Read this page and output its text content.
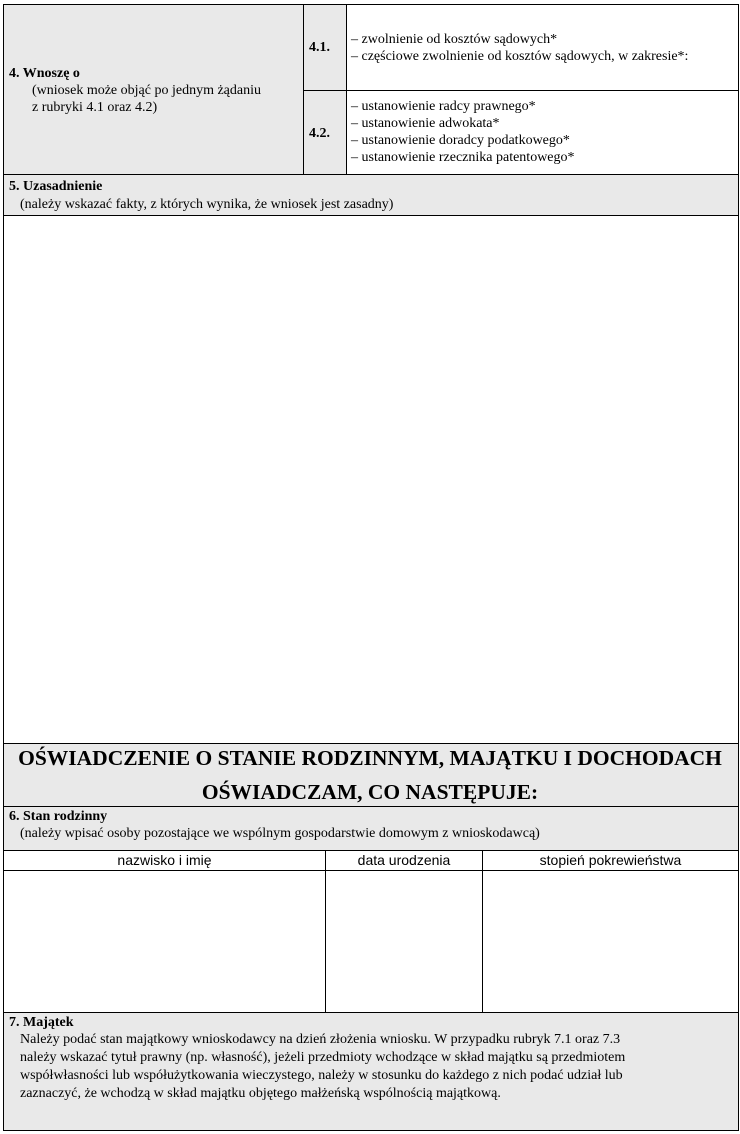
4. Wnoszę o
(wniosek może objąć po jednym żądaniu
z rubryki 4.1 oraz 4.2)
4.1.
– zwolnienie od kosztów sądowych*
– częściowe zwolnienie od kosztów sądowych, w zakresie*:
4.2.
– ustanowienie radcy prawnego*
– ustanowienie adwokata*
– ustanowienie doradcy podatkowego*
– ustanowienie rzecznika patentowego*
5. Uzasadnienie
(należy wskazać fakty, z których wynika, że wniosek jest zasadny)
OŚWIADCZENIE O STANIE RODZINNYM, MAJĄTKU I DOCHODACH
OŚWIADCZAM, CO NASTĘPUJE:
6. Stan rodzinny
(należy wpisać osoby pozostające we wspólnym gospodarstwie domowym z wnioskodawcą)
nazwisko i imię	data urodzenia	stopień pokrewieństwa
7. Majątek
Należy podać stan majątkowy wnioskodawcy na dzień złożenia wniosku. W przypadku rubryk 7.1 oraz 7.3
należy wskazać tytuł prawny (np. własność), jeżeli przedmioty wchodzące w skład majątku są przedmiotem
współwłasności lub współużytkowania wieczystego, należy w stosunku do każdego z nich podać udział lub
zaznaczyć, że wchodzą w skład majątku objętego małżeńską wspólnością majątkową.
